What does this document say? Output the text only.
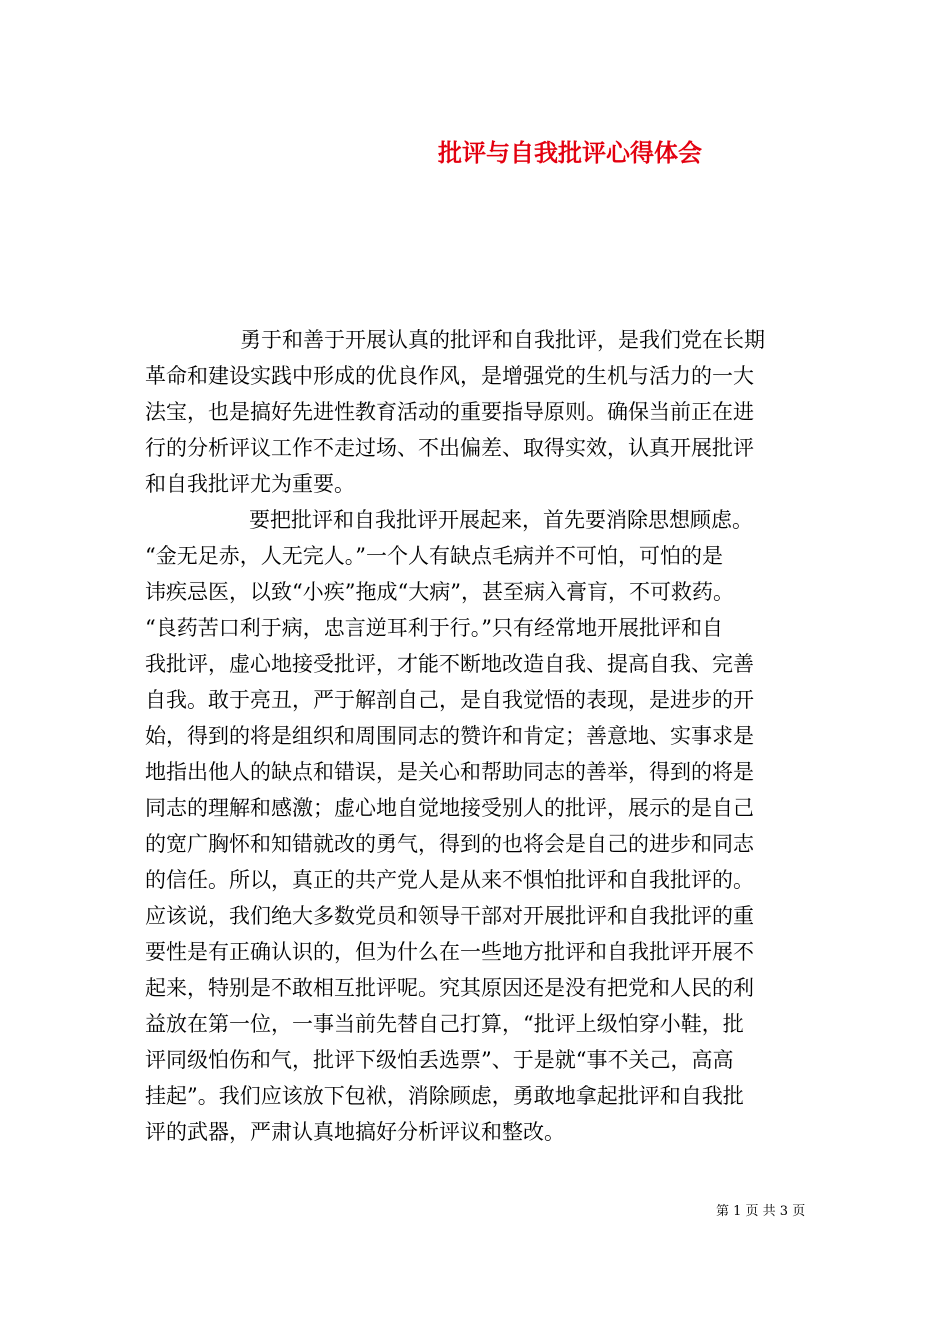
批评与自我批评心得体会
勇于和善于开展认真的批评和自我批评，是我们党在长期
革命和建设实践中形成的优良作风，是增强党的生机与活力的一大
法宝，也是搞好先进性教育活动的重要指导原则。确保当前正在进
行的分析评议工作不走过场、不出偏差、取得实效，认真开展批评
和自我批评尤为重要。
要把批评和自我批评开展起来，首先要消除思想顾虑。
“金无足赤，人无完人。”一个人有缺点毛病并不可怕，可怕的是
讳疾忌医，以致“小疾”拖成“大病”，甚至病入膏肓，不可救药。
“良药苦口利于病，忠言逆耳利于行。”只有经常地开展批评和自
我批评，虚心地接受批评，才能不断地改造自我、提高自我、完善
自我。敢于亮丑，严于解剖自己，是自我觉悟的表现，是进步的开
始，得到的将是组织和周围同志的赞许和肯定；善意地、实事求是
地指出他人的缺点和错误，是关心和帮助同志的善举，得到的将是
同志的理解和感激；虚心地自觉地接受别人的批评，展示的是自己
的宽广胸怀和知错就改的勇气，得到的也将会是自己的进步和同志
的信任。所以，真正的共产党人是从来不惧怕批评和自我批评的。
应该说，我们绝大多数党员和领导干部对开展批评和自我批评的重
要性是有正确认识的，但为什么在一些地方批评和自我批评开展不
起来，特别是不敢相互批评呢。究其原因还是没有把党和人民的利
益放在第一位，一事当前先替自己打算，“批评上级怕穿小鞋，批
评同级怕伤和气，批评下级怕丢选票”、于是就“事不关己，高高
挂起”。我们应该放下包袱，消除顾虑，勇敢地拿起批评和自我批
评的武器，严肃认真地搞好分析评议和整改。
第 1 页 共 3 页
